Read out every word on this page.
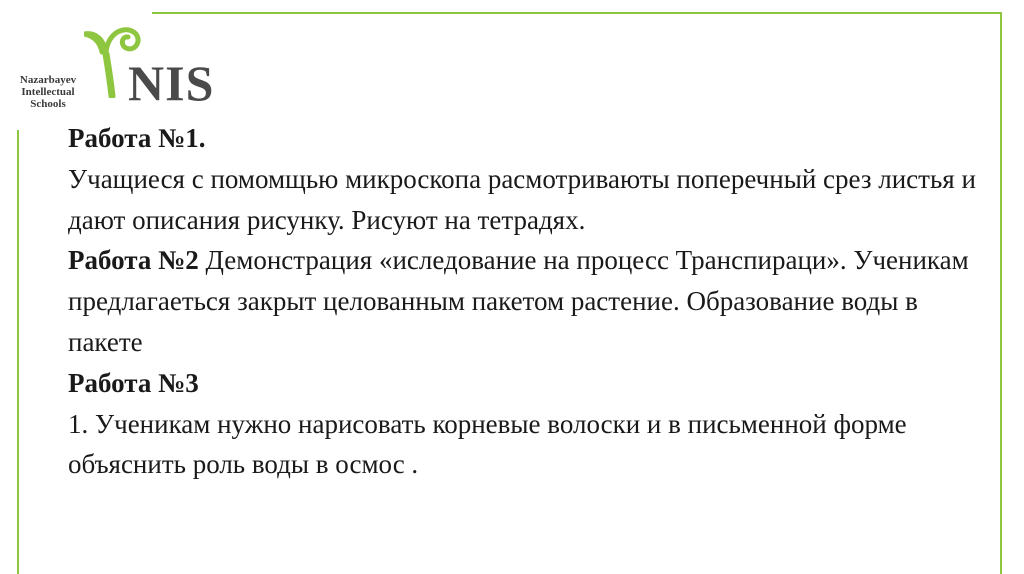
Nazarbayev
Intellectual
Schools	NIS

Работа №1.

Учащиеся с помомщью микроскопа расмотриваюты поперечный срез листья и дают описания рисунку. Рисуют на тетрадях.

Работа №2 Демонстрация «иследование на процесс Транспираци». Ученикам предлагаеться закрыт целованным пакетом растение. Образование воды в пакете

Работа №3

1. Ученикам нужно нарисовать корневые волоски и в письменной форме объяснить роль воды в осмос .
